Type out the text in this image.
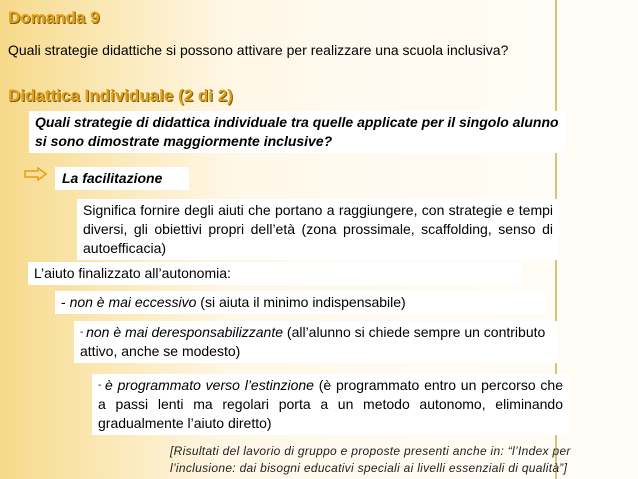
Domanda 9
Quali strategie didattiche si possono attivare per realizzare una scuola inclusiva?
Didattica Individuale (2 di 2)
Quali strategie di didattica individuale tra quelle applicate per il singolo alunno si sono dimostrate maggiormente inclusive?
La facilitazione
Significa fornire degli aiuti che portano a raggiungere, con strategie e tempi diversi, gli obiettivi propri dell’età (zona prossimale, scaffolding, senso di autoefficacia)
L’aiuto finalizzato all’autonomia:
- non è mai eccessivo (si aiuta il minimo indispensabile)
- non è mai deresponsabilizzante (all’alunno si chiede sempre un contributo attivo, anche se modesto)
- è programmato verso l’estinzione (è programmato entro un percorso che a passi lenti ma regolari porta a un metodo autonomo, eliminando gradualmente l’aiuto diretto)
[Risultati del lavorio di gruppo e proposte presenti anche in: “l’Index per l’inclusione: dai bisogni educativi speciali ai livelli essenziali di qualità”]
